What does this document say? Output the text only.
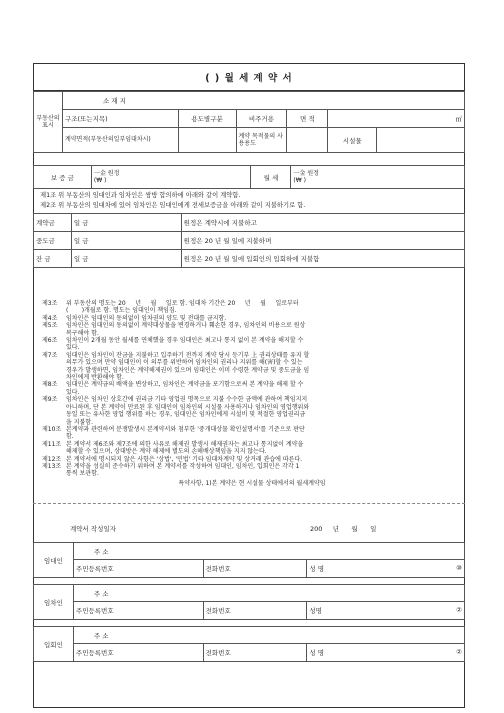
( ) 월 세 계 약 서
부동산의 표시	소 재 지					
	구조(또는지목)	용도별구분	비주거용	면 적	㎡	
	계약면적(부동산의일부임대차시)		계약 목적물의 사용용도		시설물	
보 증 금	
一金 원정
(₩ )	월 세	
一金 원정
(₩ )
제1조 위 부동산의 임대인과 임차인은 쌍방 합의하에 아래와 같이 계약함.
제2조 위 부동산의 임대차에 있어 임차인은 임대인에게 전세보증금을 아래와 같이 지불하기로 함.
계약금	일 금	원정은 계약시에 지불하고
중도금	일 금	원정은 20 년 월 일에 지불하며
잔 금	일 금	원정은 20 년 월 일에 입회인의 입회하에 지불함
제3조	위 부동산의 명도는 20     년     월     일로 함. 임대차 기간은 20     년     월     일로부터
(       )개월로 함. 명도는 임대인이 책임짐.
제4조	임차인은 임대인의 동의없이 임차권의 양도 및 전대를 금지함.
제5조	임차인은 임대인의 동의없이 계약대상물을 변경하거나 훼손한 경우, 임차인의 비용으로 원상
복구해야 함.
제6조	임차인이 2개월 동안 월세를 연체했을 경우 임대인은 최고나 통지 없이 본 계약을 해지할 수
있다.
제7조	임대인은 임차인이 잔금을 지불하고 입주하기 전까지 계약 당시 등기부 上 권리상태를 유지 할
의무가 있으며 만약 임대인이 이 의무를 위반하여 임차인의 권리나 지위를 해(害)할 수 있는
경우가 발생하면, 임차인은 계약해제권이 있으며 임대인은 이미 수령한 계약금 및 중도금을 임
차인에게 반환해야 함.
제8조	임대인은 계약금의 배액을 변상하고, 임차인은 계약금을 포기함으로써 본 계약을 해제 할 수
있다.
제9조	임차인은 임차인 상호간에 권리금 기타 영업권 명목으로 지불 수수한 금액에 관하여 책임지지
아니하며, 단 본 계약이 만료된 후 임대인이 임차인의 시설물 사용하거나 임차인의 영업행위와
동일 또는 유사한 영업 행위를 하는 경우, 임대인은 임차인에게 시설비 및 적절한 영업권리금
을 지불함.
제10조 본계약과 관련하여 분쟁발생시 본계약서와 첨부한 '중개대상물 확인설명서'를 기준으로 판단
함.
제11조 본 계약서 제6조와 제7조에 의한 사유로 해제권 발생시 해제권자는 최고나 통지없이 계약을
해제할 수 있으며, 상대방은 계약 해제에 별도의 손해배상책임을 지지 않는다.
제12조 본 계약서에 명시되지 않은 사항은 '상법', '민법' 기타 임대차계약 및 상거래 관습에 따른다.
제13조 본 계약을 성실히 준수하기 위하여 본 계약서를 작성하여 임대인, 임차인, 입회인은 각각 1
통씩 보관함.
특약사항, 1)본 계약은 현 시설물 상태에서의 월세계약임
계약서 작성일자	200     년      월      일
임대인	주 소		
	주민등록번호	전화번호	성 명 ⑩

임차인	주 소		
	주민등록번호	전화번호	성명 ②

입회인	주 소		
	주민등록번호	전화번호	성 명 ②
